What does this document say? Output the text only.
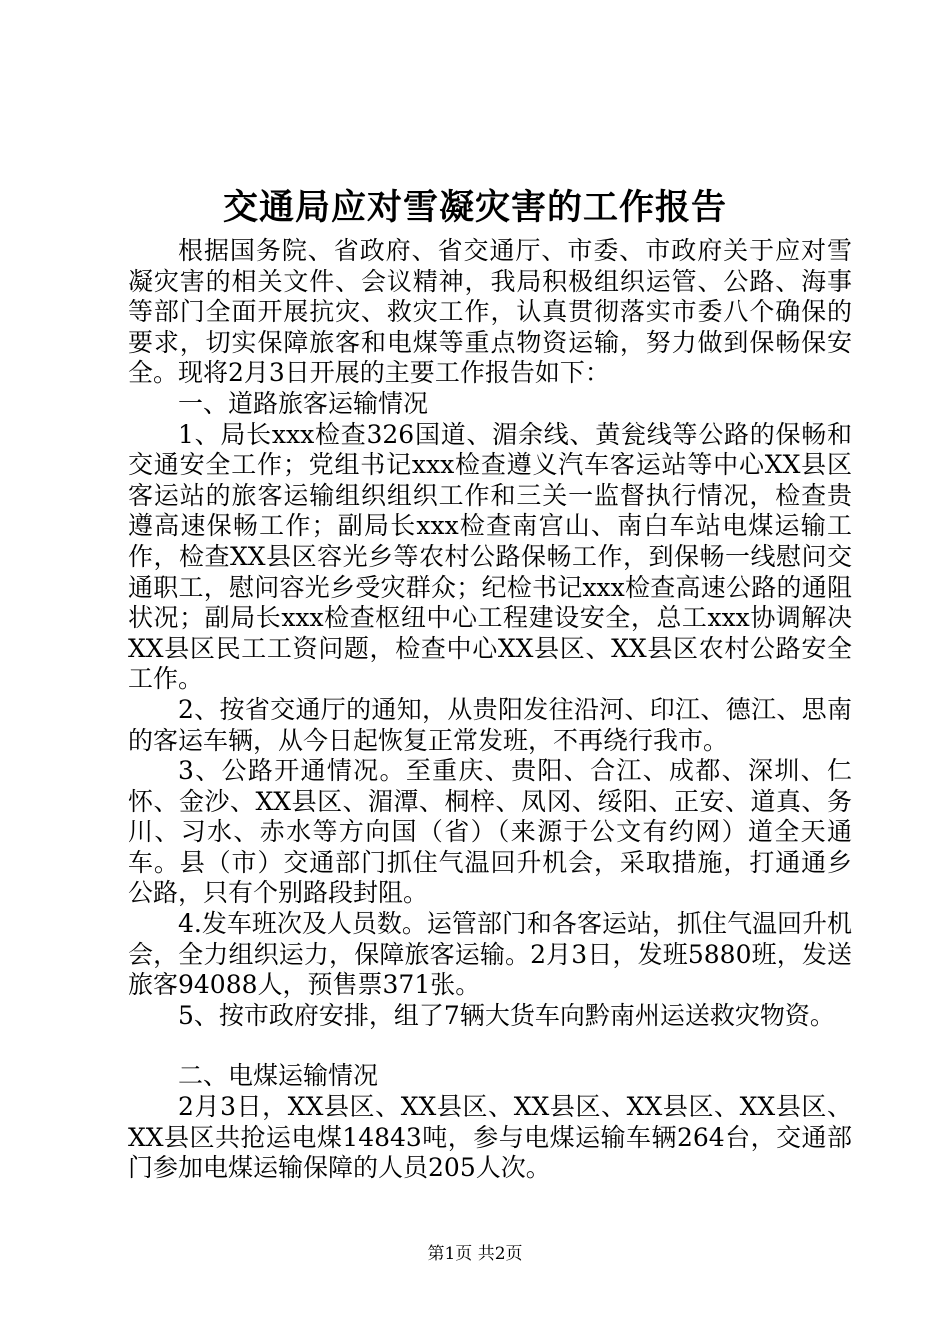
交通局应对雪凝灾害的工作报告

根据国务院、省政府、省交通厅、市委、市政府关于应对雪凝灾害的相关文件、会议精神，我局积极组织运管、公路、海事等部门全面开展抗灾、救灾工作，认真贯彻落实市委八个确保的要求，切实保障旅客和电煤等重点物资运输，努力做到保畅保安全。现将2月3日开展的主要工作报告如下：

一、道路旅客运输情况

1、局长xxx检查326国道、湄余线、黄瓮线等公路的保畅和交通安全工作；党组书记xxx检查遵义汽车客运站等中心XX县区客运站的旅客运输组织组织工作和三关一监督执行情况，检查贵遵高速保畅工作；副局长xxx检查南宫山、南白车站电煤运输工作，检查XX县区容光乡等农村公路保畅工作，到保畅一线慰问交通职工，慰问容光乡受灾群众；纪检书记xxx检查高速公路的通阻状况；副局长xxx检查枢纽中心工程建设安全，总工xxx协调解决XX县区民工工资问题，检查中心XX县区、XX县区农村公路安全工作。

2、按省交通厅的通知，从贵阳发往沿河、印江、德江、思南的客运车辆，从今日起恢复正常发班，不再绕行我市。

3、公路开通情况。至重庆、贵阳、合江、成都、深圳、仁怀、金沙、XX县区、湄潭、桐梓、凤冈、绥阳、正安、道真、务川、习水、赤水等方向国（省）（来源于公文有约网）道全天通车。县（市）交通部门抓住气温回升机会，采取措施，打通通乡公路，只有个别路段封阻。

4.发车班次及人员数。运管部门和各客运站，抓住气温回升机会，全力组织运力，保障旅客运输。2月3日，发班5880班，发送旅客94088人，预售票371张。

5、按市政府安排，组了7辆大货车向黔南州运送救灾物资。

二、电煤运输情况

2月3日，XX县区、XX县区、XX县区、XX县区、XX县区、XX县区共抢运电煤14843吨，参与电煤运输车辆264台，交通部门参加电煤运输保障的人员205人次。

第1页 共2页
